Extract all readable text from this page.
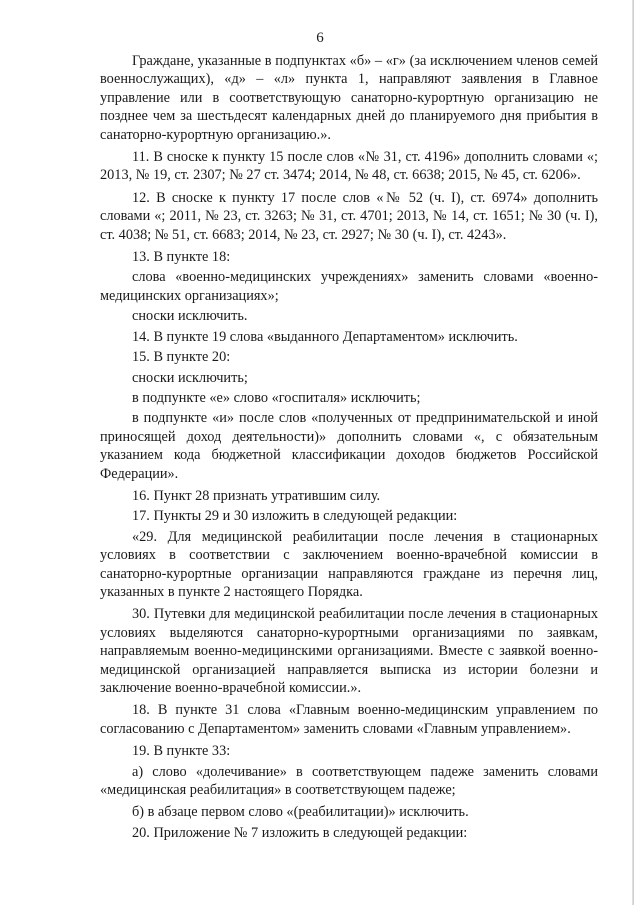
6

Граждане, указанные в подпунктах «б» – «г» (за исключением членов семей военнослужащих), «д» – «л» пункта 1, направляют заявления в Главное управление или в соответствующую санаторно-курортную организацию не позднее чем за шестьдесят календарных дней до планируемого дня прибытия в санаторно-курортную организацию.».

11. В сноске к пункту 15 после слов «№ 31, ст. 4196» дополнить словами «; 2013, № 19, ст. 2307; № 27 ст. 3474; 2014, № 48, ст. 6638; 2015, № 45, ст. 6206».

12. В сноске к пункту 17 после слов «№ 52 (ч. I), ст. 6974» дополнить словами «; 2011, № 23, ст. 3263; № 31, ст. 4701; 2013, № 14, ст. 1651; № 30 (ч. I), ст. 4038; № 51, ст. 6683; 2014, № 23, ст. 2927; № 30 (ч. I), ст. 4243».

13. В пункте 18:

слова «военно-медицинских учреждениях» заменить словами «военно-медицинских организациях»;

сноски исключить.

14. В пункте 19 слова «выданного Департаментом» исключить.

15. В пункте 20:

сноски исключить;

в подпункте «е» слово «госпиталя» исключить;

в подпункте «и» после слов «полученных от предпринимательской и иной приносящей доход деятельности)» дополнить словами «, с обязательным указанием кода бюджетной классификации доходов бюджетов Российской Федерации».

16. Пункт 28 признать утратившим силу.

17. Пункты 29 и 30 изложить в следующей редакции:

«29. Для медицинской реабилитации после лечения в стационарных условиях в соответствии с заключением военно-врачебной комиссии в санаторно-курортные организации направляются граждане из перечня лиц, указанных в пункте 2 настоящего Порядка.

30. Путевки для медицинской реабилитации после лечения в стационарных условиях выделяются санаторно-курортными организациями по заявкам, направляемым военно-медицинскими организациями. Вместе с заявкой военно-медицинской организацией направляется выписка из истории болезни и заключение военно-врачебной комиссии.».

18. В пункте 31 слова «Главным военно-медицинским управлением по согласованию с Департаментом» заменить словами «Главным управлением».

19. В пункте 33:

а) слово «долечивание» в соответствующем падеже заменить словами «медицинская реабилитация» в соответствующем падеже;

б) в абзаце первом слово «(реабилитации)» исключить.

20. Приложение № 7 изложить в следующей редакции:
